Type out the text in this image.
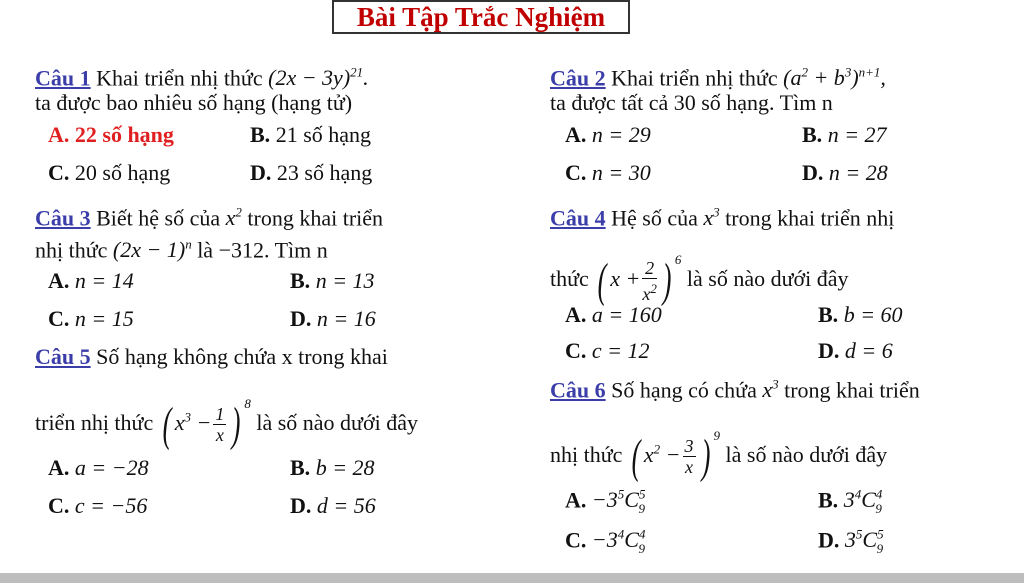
Bài Tập Trắc Nghiệm
Câu 1 Khai triển nhị thức $(2x - 3y)^{21}$.
ta được bao nhiêu số hạng (hạng tử)
A. 22 số hạng	B. 21 số hạng
C. 20 số hạng	D. 23 số hạng
Câu 2 Khai triển nhị thức $(a^2 + b^3)^{n+1}$,
ta được tất cả 30 số hạng. Tìm n
A. n = 29	B. n = 27
C. n = 30	D. n = 28
Câu 3 Biết hệ số của $x^2$ trong khai triển
nhị thức $(2x - 1)^n$ là −312. Tìm n
A. n = 14	B. n = 13
C. n = 15	D. n = 16
Câu 4 Hệ số của $x^3$ trong khai triển nhị
thức ( $x + \frac{2}{x^2}$ ) $^6$ là số nào dưới đây
A. a = 160	B. b = 60
C. c = 12	D. d = 6
Câu 5 Số hạng không chứa x trong khai
triển nhị thức ( $x^3 - \frac{1}{x}$ ) $^8$ là số nào dưới đây
A. a = −28	B. b = 28
C. c = −56	D. d = 56
Câu 6 Số hạng có chứa $x^3$ trong khai triển
nhị thức ( $x^2 - \frac{3}{x}$ ) $^9$ là số nào dưới đây
A. $-3^5C^5_9$	B. $3^4C^4_9$
C. $-3^4C^4_9$	D. $3^5C^5_9$
